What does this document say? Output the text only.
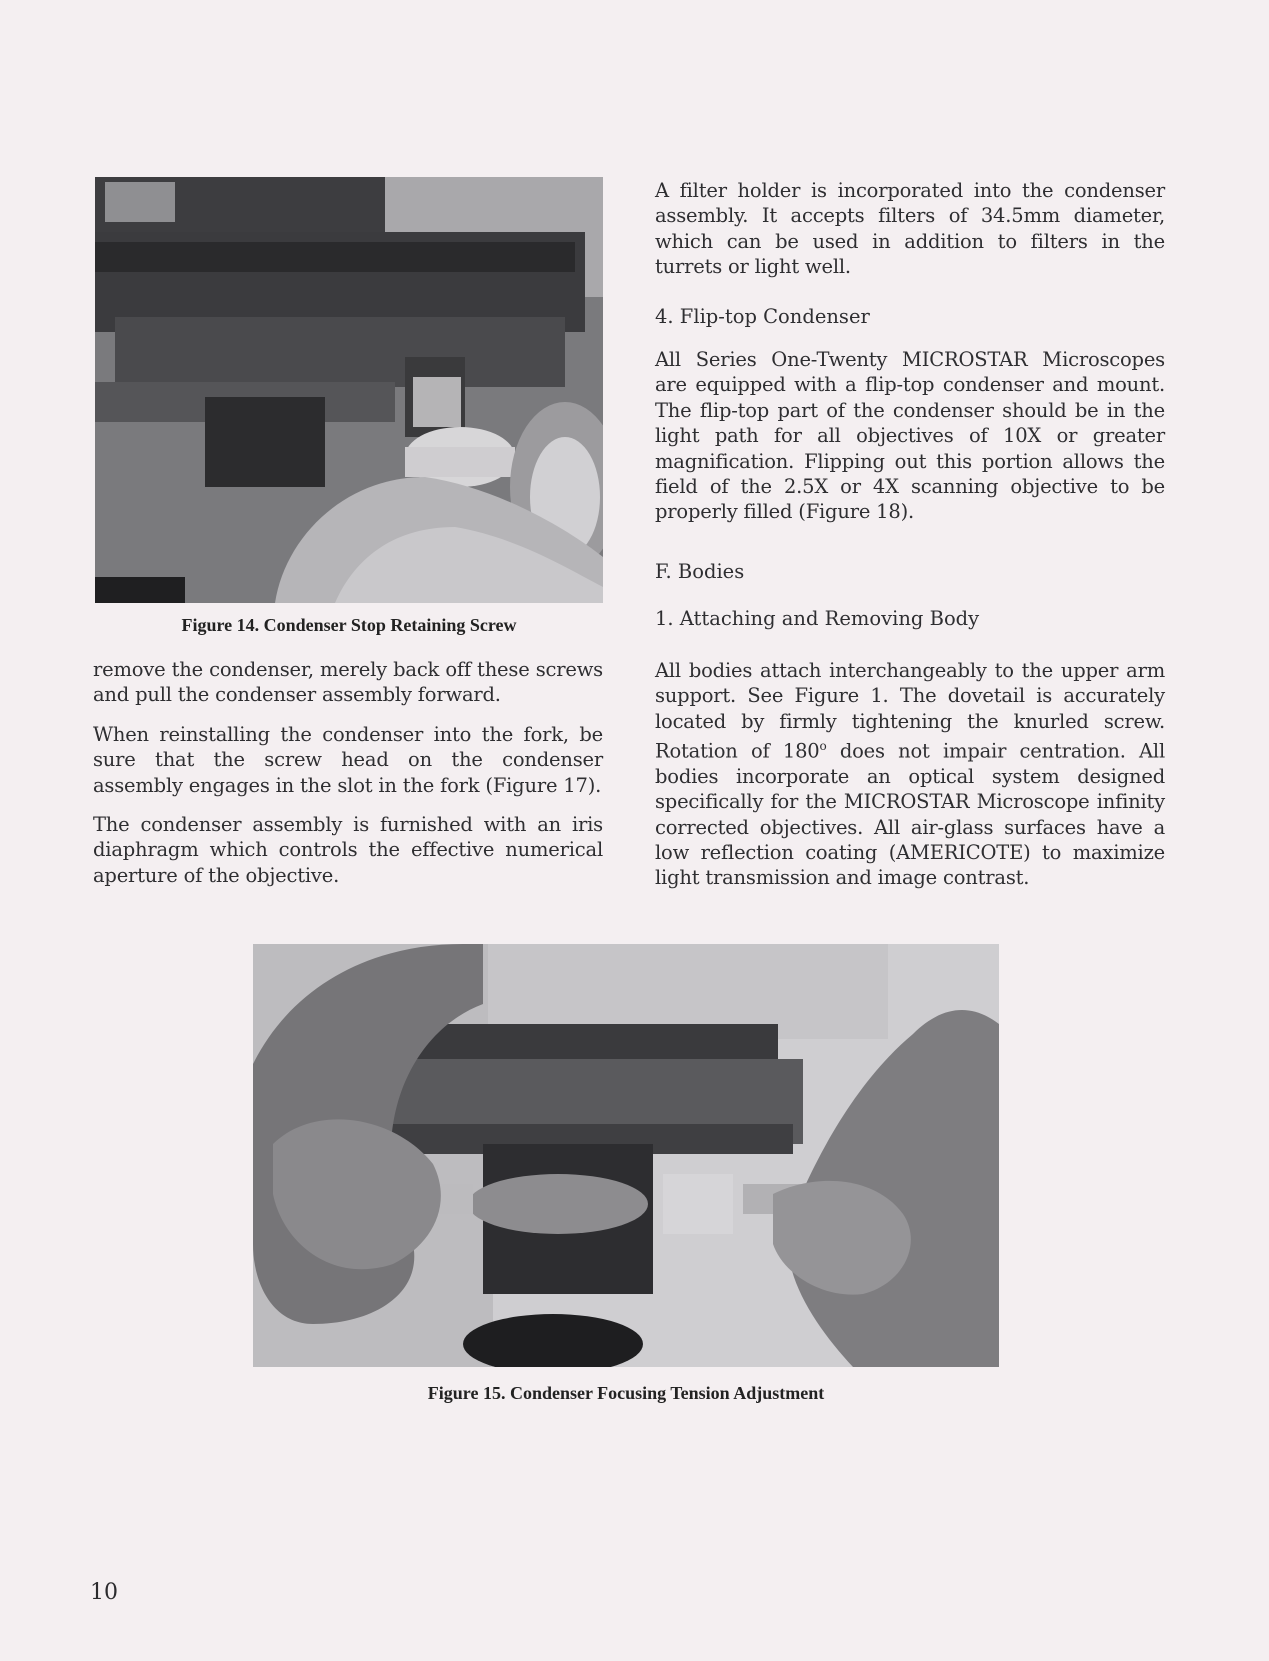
Figure 14. Condenser Stop Retaining Screw

remove the condenser, merely back off these screws and pull the condenser assembly forward.

When reinstalling the condenser into the fork, be sure that the screw head on the condenser assembly engages in the slot in the fork (Figure 17).

The condenser assembly is furnished with an iris diaphragm which controls the effective numerical aperture of the objective.

A filter holder is incorporated into the condenser assembly. It accepts filters of 34.5mm diameter, which can be used in addition to filters in the turrets or light well.

4. Flip-top Condenser

All Series One-Twenty MICROSTAR Microscopes are equipped with a flip-top condenser and mount. The flip-top part of the condenser should be in the light path for all objectives of 10X or greater magnification. Flipping out this portion allows the field of the 2.5X or 4X scanning objective to be properly filled (Figure 18).

F. Bodies
1. Attaching and Removing Body

All bodies attach interchangeably to the upper arm support. See Figure 1. The dovetail is accurately located by firmly tightening the knurled screw. Rotation of 180$^o$ does not impair centration. All bodies incorporate an optical system designed specifically for the MICROSTAR Microscope infinity corrected objectives. All air-glass surfaces have a low reflection coating (AMERICOTE) to maximize light transmission and image contrast.

Figure 15. Condenser Focusing Tension Adjustment
10
